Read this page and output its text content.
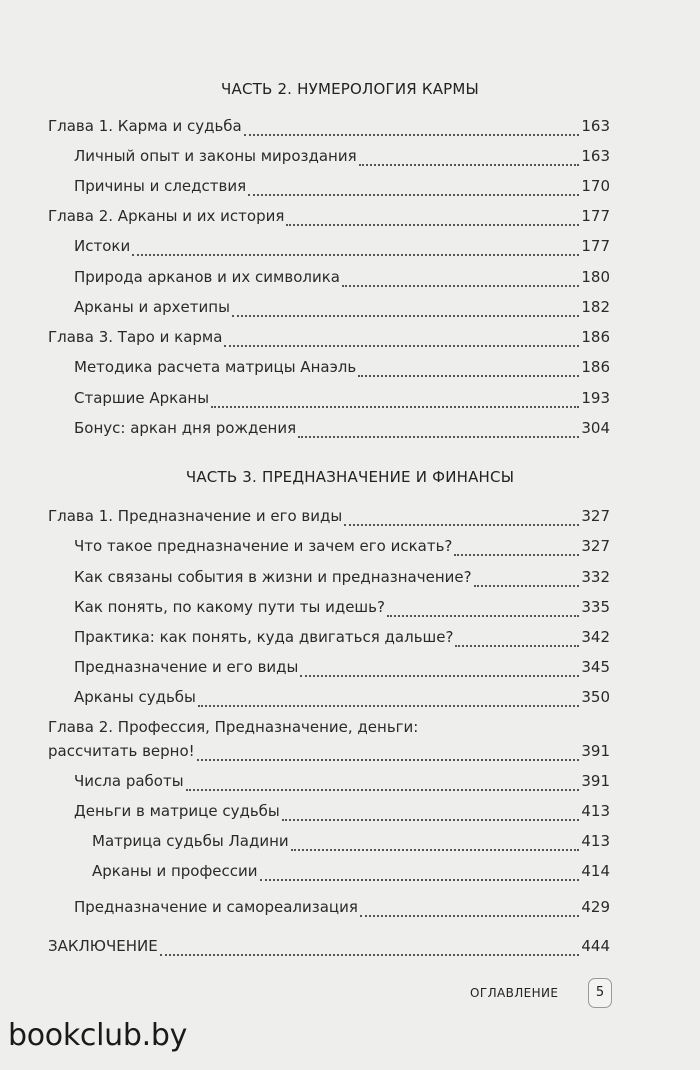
ЧАСТЬ 2. НУМЕРОЛОГИЯ КАРМЫ
Глава 1. Карма и судьба	163
Личный опыт и законы мироздания	163
Причины и следствия	170
Глава 2. Арканы и их история	177
Истоки	177
Природа арканов и их символика	180
Арканы и архетипы	182
Глава 3. Таро и карма	186
Методика расчета матрицы Анаэль	186
Старшие Арканы	193
Бонус: аркан дня рождения	304
ЧАСТЬ 3. ПРЕДНАЗНАЧЕНИЕ И ФИНАНСЫ
Глава 1. Предназначение и его виды	327
Что такое предназначение и зачем его искать?	327
Как связаны события в жизни и предназначение?	332
Как понять, по какому пути ты идешь?	335
Практика: как понять, куда двигаться дальше?	342
Предназначение и его виды	345
Арканы судьбы	350
Глава 2. Профессия, Предназначение, деньги:
рассчитать верно!	391
Числа работы	391
Деньги в матрице судьбы	413
Матрица судьбы Ладини	413
Арканы и профессии	414
Предназначение и самореализация	429
ЗАКЛЮЧЕНИЕ	444
ОГЛАВЛЕНИЕ	5
bookclub.by
